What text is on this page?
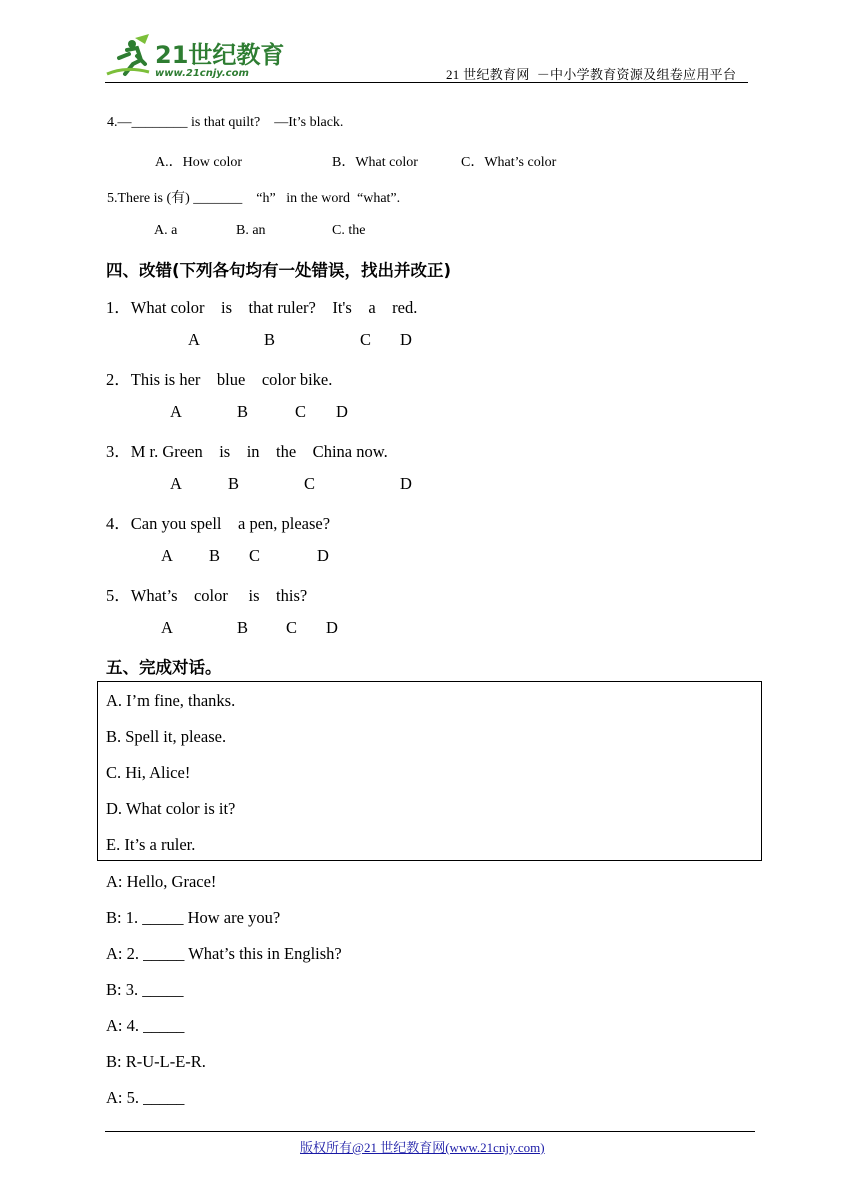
21世纪教育
www.21cnjy.com	21 世纪教育网  －中小学教育资源及组卷应用平台
4.—________ is that quilt?    —It’s black.
A.．How color	B．What color	C．What’s color
5.There is (有) _______    “h”   in the word  “what”.
A. a	B. an	C. the
四、改错(下列各句均有一处错误，找出并改正)
1．What color    is    that ruler?    It's    a    red.
A	B	C D
2．This is her    blue    color bike.
A	B	C D
3．M r. Green    is    in    the    China now.
A	B	C	D
4．Can you spell    a pen, please?
A B C	D
5．What’s    color     is    this?
A	B C D
五、完成对话。
A. I’m fine, thanks.
B. Spell it, please.
C. Hi, Alice!
D. What color is it?
E. It’s a ruler.
A: Hello, Grace!
B: 1. _____ How are you?
A: 2. _____ What’s this in English?
B: 3. _____
A: 4. _____
B: R-U-L-E-R.
A: 5. _____
版权所有@21 世纪教育网(www.21cnjy.com)
